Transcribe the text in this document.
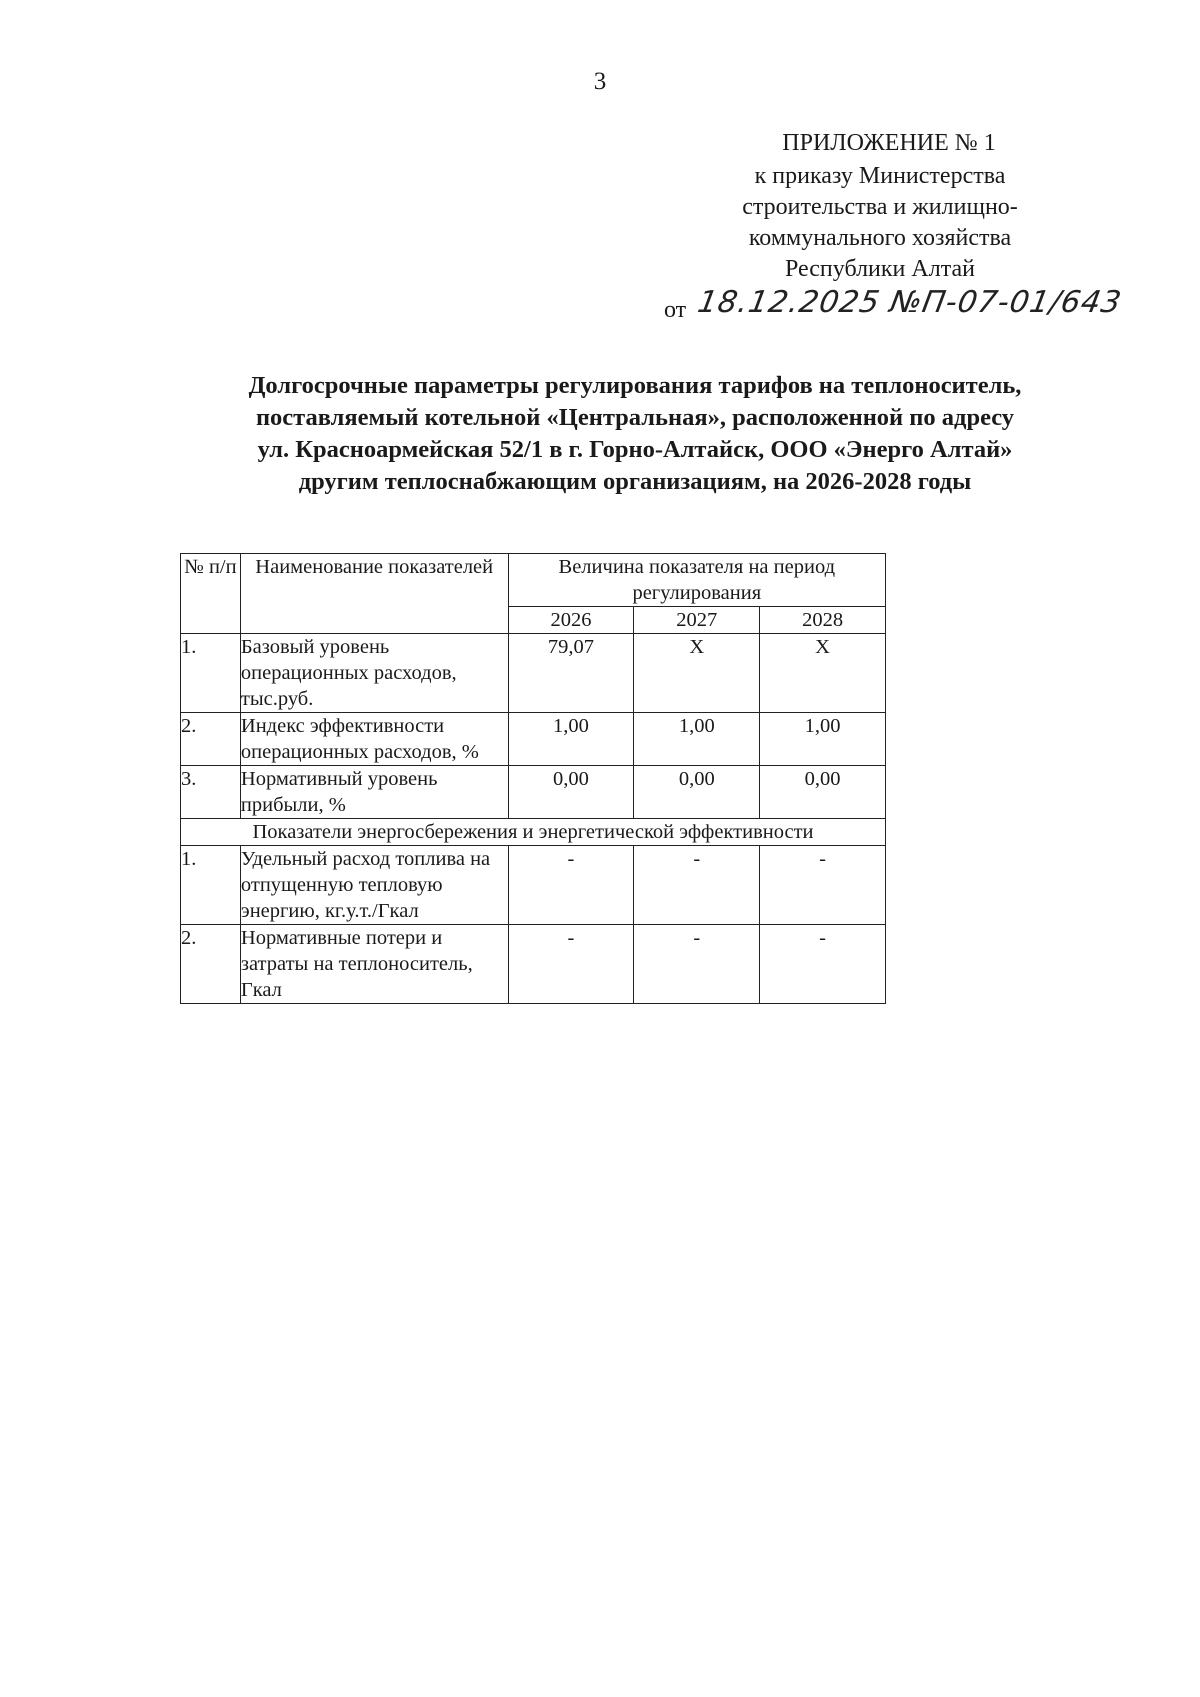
3
ПРИЛОЖЕНИЕ № 1
к приказу Министерства
строительства и жилищно-
коммунального хозяйства
Республики Алтай
от 18.12.2025 №П-07-01/643
Долгосрочные параметры регулирования тарифов на теплоноситель,
поставляемый котельной «Центральная», расположенной по адресу
ул. Красноармейская 52/1 в г. Горно-Алтайск, ООО «Энерго Алтай»
другим теплоснабжающим организациям, на 2026-2028 годы
№ п/п	Наименование показателей	Величина показателя на период регулирования		
		2026	2027	2028
1.	Базовый уровень операционных расходов, тыс.руб.	79,07	Х	Х
2.	Индекс эффективности операционных расходов, %	1,00	1,00	1,00
3.	Нормативный уровень прибыли, %	0,00	0,00	0,00
Показатели энергосбережения и энергетической эффективности				
1.	Удельный расход топлива на отпущенную тепловую энергию, кг.у.т./Гкал	-	-	-
2.	Нормативные потери и затраты на теплоноситель, Гкал	-	-	-
